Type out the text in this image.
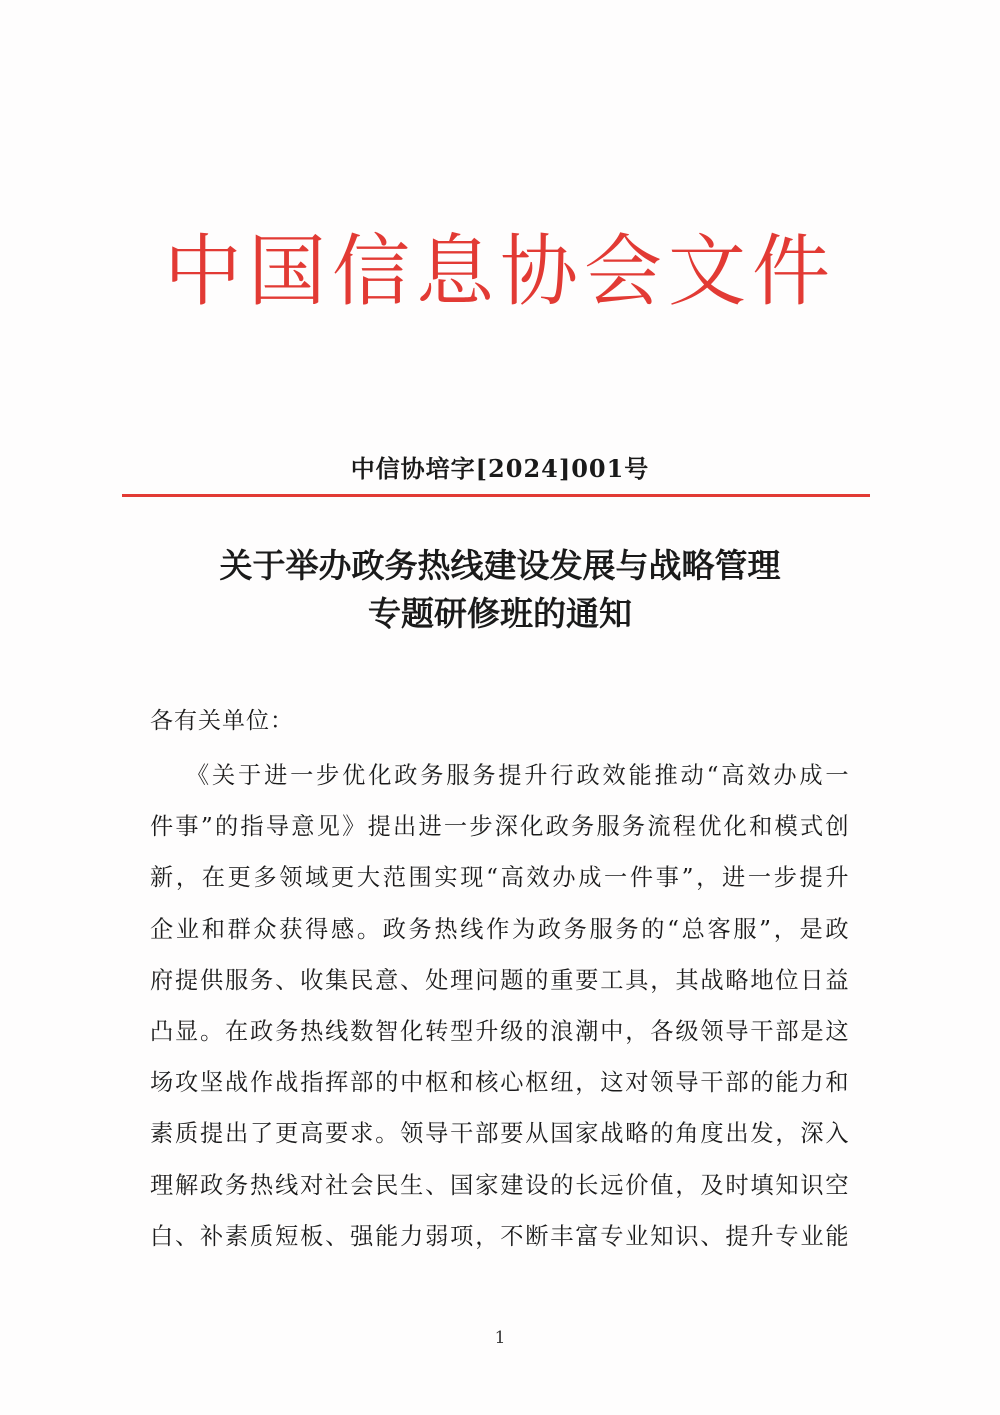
中国信息协会文件
中信协培字[2024]001号
关于举办政务热线建设发展与战略管理
专题研修班的通知
各有关单位：
《关于进一步优化政务服务提升行政效能推动“高效办成一
件事”的指导意见》提出进一步深化政务服务流程优化和模式创
新，在更多领域更大范围实现“高效办成一件事”，进一步提升
企业和群众获得感。政务热线作为政务服务的“总客服”，是政
府提供服务、收集民意、处理问题的重要工具，其战略地位日益
凸显。在政务热线数智化转型升级的浪潮中，各级领导干部是这
场攻坚战作战指挥部的中枢和核心枢纽，这对领导干部的能力和
素质提出了更高要求。领导干部要从国家战略的角度出发，深入
理解政务热线对社会民生、国家建设的长远价值，及时填知识空
白、补素质短板、强能力弱项，不断丰富专业知识、提升专业能
1
